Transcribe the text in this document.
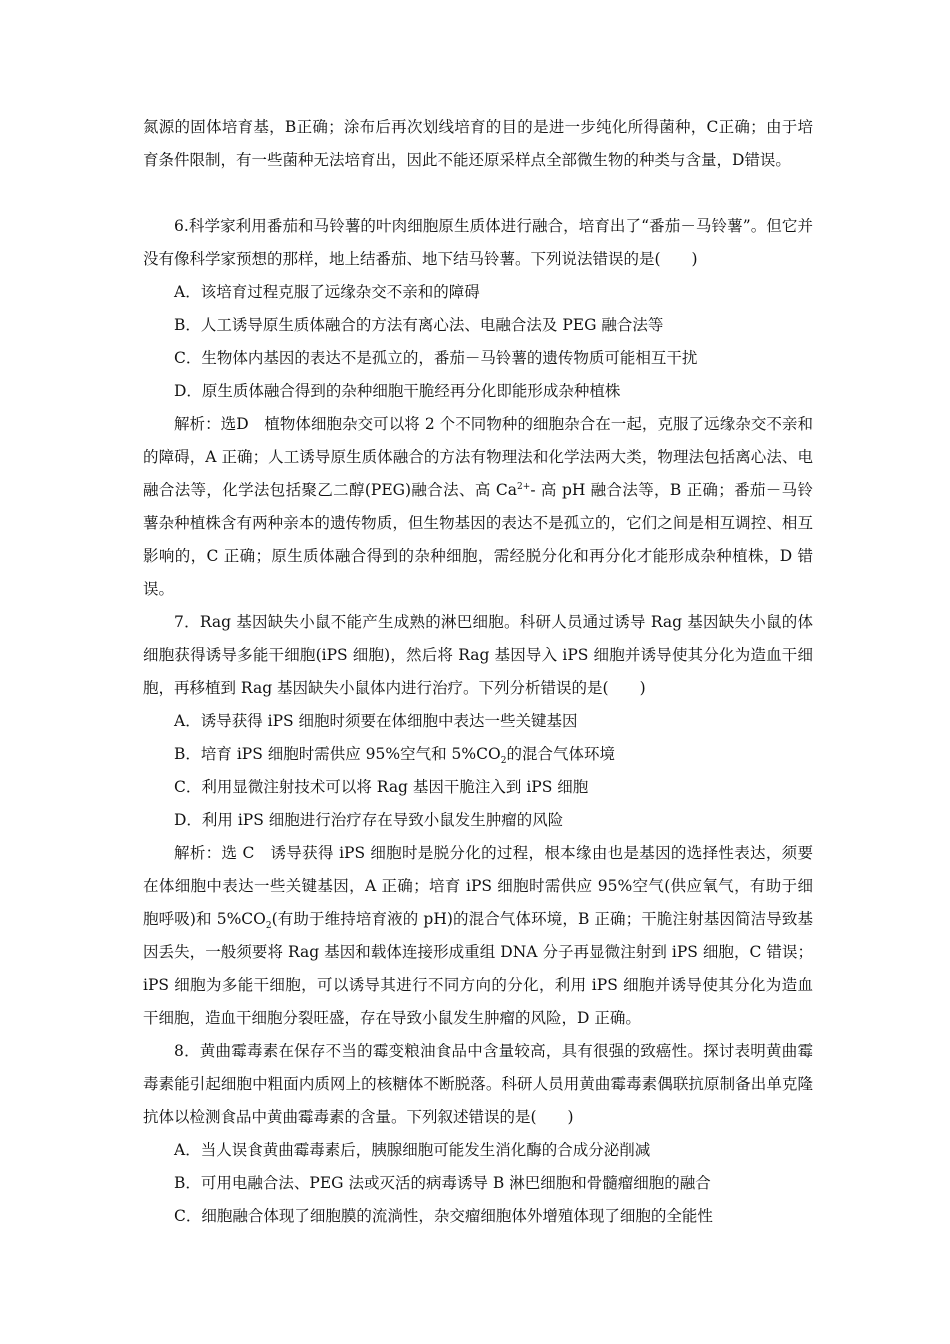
氮源的固体培育基，B正确；涂布后再次划线培育的目的是进一步纯化所得菌种，C正确；由于培育条件限制，有一些菌种无法培育出，因此不能还原采样点全部微生物的种类与含量，D错误。

6.科学家利用番茄和马铃薯的叶肉细胞原生质体进行融合，培育出了“番茄－马铃薯”。但它并没有像科学家预想的那样，地上结番茄、地下结马铃薯。下列说法错误的是(　　)

A．该培育过程克服了远缘杂交不亲和的障碍

B．人工诱导原生质体融合的方法有离心法、电融合法及 PEG 融合法等

C．生物体内基因的表达不是孤立的，番茄－马铃薯的遗传物质可能相互干扰

D．原生质体融合得到的杂种细胞干脆经再分化即能形成杂种植株

解析：选D　植物体细胞杂交可以将 2 个不同物种的细胞杂合在一起，克服了远缘杂交不亲和的障碍，A 正确；人工诱导原生质体融合的方法有物理法和化学法两大类，物理法包括离心法、电融合法等，化学法包括聚乙二醇(PEG)融合法、高 $Ca^{2+}-$ 高 pH 融合法等，B 正确；番茄－马铃薯杂种植株含有两种亲本的遗传物质，但生物基因的表达不是孤立的，它们之间是相互调控、相互影响的，C 正确；原生质体融合得到的杂种细胞，需经脱分化和再分化才能形成杂种植株，D 错误。

7．Rag 基因缺失小鼠不能产生成熟的淋巴细胞。科研人员通过诱导 Rag 基因缺失小鼠的体细胞获得诱导多能干细胞(iPS 细胞)，然后将 Rag 基因导入 iPS 细胞并诱导使其分化为造血干细胞，再移植到 Rag 基因缺失小鼠体内进行治疗。下列分析错误的是(　　)

A．诱导获得 iPS 细胞时须要在体细胞中表达一些关键基因

B．培育 iPS 细胞时需供应 95%空气和 $5\%CO_2$的混合气体环境

C．利用显微注射技术可以将 Rag 基因干脆注入到 iPS 细胞

D．利用 iPS 细胞进行治疗存在导致小鼠发生肿瘤的风险

解析：选 C　诱导获得 iPS 细胞时是脱分化的过程，根本缘由也是基因的选择性表达，须要在体细胞中表达一些关键基因，A 正确；培育 iPS 细胞时需供应 95%空气(供应氧气，有助于细胞呼吸)和 $5\%CO_2$(有助于维持培育液的 pH)的混合气体环境，B 正确；干脆注射基因简洁导致基因丢失，一般须要将 Rag 基因和载体连接形成重组 DNA 分子再显微注射到 iPS 细胞，C 错误；iPS 细胞为多能干细胞，可以诱导其进行不同方向的分化，利用 iPS 细胞并诱导使其分化为造血干细胞，造血干细胞分裂旺盛，存在导致小鼠发生肿瘤的风险，D 正确。

8．黄曲霉毒素在保存不当的霉变粮油食品中含量较高，具有很强的致癌性。探讨表明黄曲霉毒素能引起细胞中粗面内质网上的核糖体不断脱落。科研人员用黄曲霉毒素偶联抗原制备出单克隆抗体以检测食品中黄曲霉毒素的含量。下列叙述错误的是(　　)

A．当人误食黄曲霉毒素后，胰腺细胞可能发生消化酶的合成分泌削减

B．可用电融合法、PEG 法或灭活的病毒诱导 B 淋巴细胞和骨髓瘤细胞的融合

C．细胞融合体现了细胞膜的流淌性，杂交瘤细胞体外增殖体现了细胞的全能性
